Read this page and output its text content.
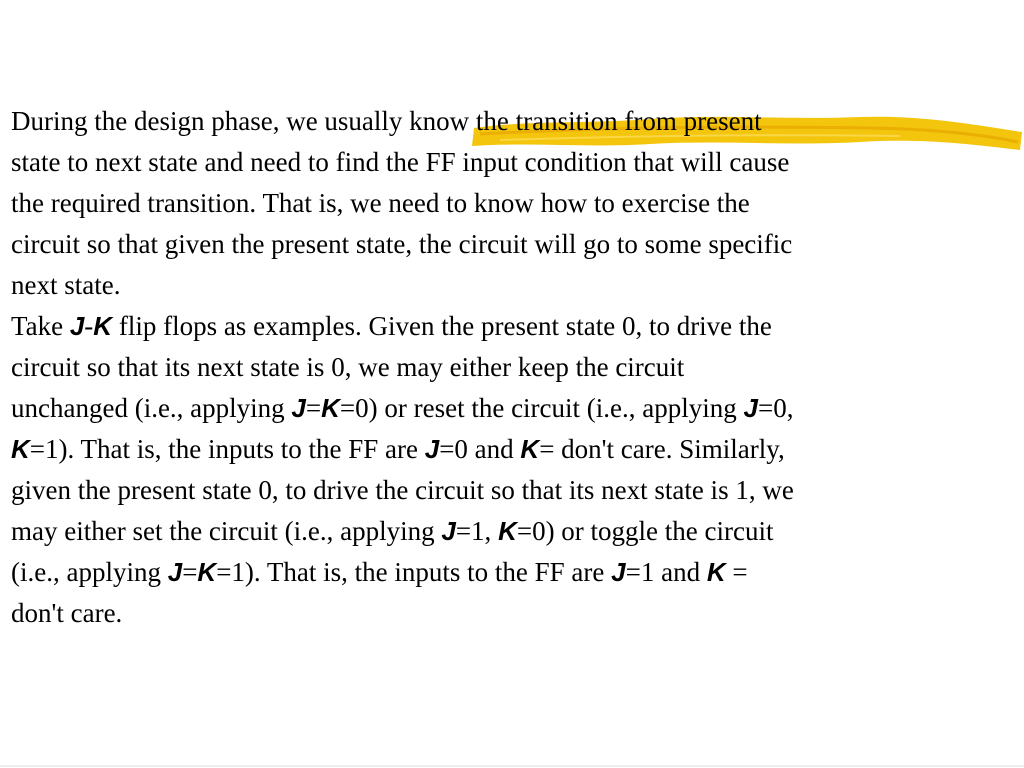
During the design phase, we usually know the transition from present
state to next state and need to find the FF input condition that will cause
the required transition. That is, we need to know how to exercise the
circuit so that given the present state, the circuit will go to some specific
next state.
Take J-K flip flops as examples. Given the present state 0, to drive the
circuit so that its next state is 0, we may either keep the circuit
unchanged (i.e., applying J=K=0) or reset the circuit (i.e., applying J=0,
K=1). That is, the inputs to the FF are J=0 and K= don't care. Similarly,
given the present state 0, to drive the circuit so that its next state is 1, we
may either set the circuit (i.e., applying J=1, K=0) or toggle the circuit
(i.e., applying J=K=1). That is, the inputs to the FF are J=1 and K =
don't care.
